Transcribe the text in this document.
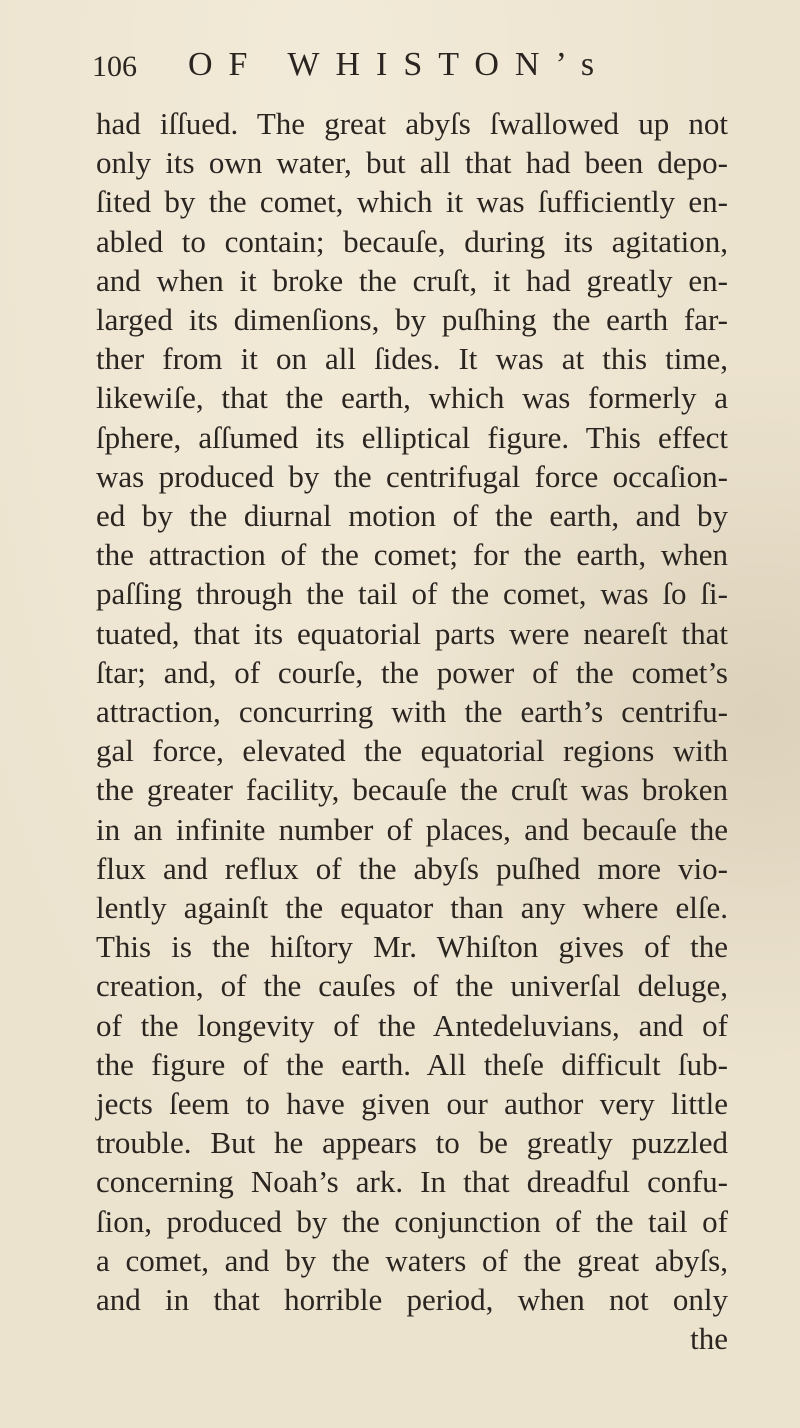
106 OF WHISTON’s
had iſſued. The great abyſs ſwallowed up not
only its own water, but all that had been depo-
ſited by the comet, which it was ſufficiently en-
abled to contain; becauſe, during its agitation,
and when it broke the cruſt, it had greatly en-
larged its dimenſions, by puſhing the earth far-
ther from it on all ſides. It was at this time,
likewiſe, that the earth, which was formerly a
ſphere, aſſumed its elliptical figure. This effect
was produced by the centrifugal force occaſion-
ed by the diurnal motion of the earth, and by
the attraction of the comet; for the earth, when
paſſing through the tail of the comet, was ſo ſi-
tuated, that its equatorial parts were neareſt that
ſtar; and, of courſe, the power of the comet’s
attraction, concurring with the earth’s centrifu-
gal force, elevated the equatorial regions with
the greater facility, becauſe the cruſt was broken
in an infinite number of places, and becauſe the
flux and reflux of the abyſs puſhed more vio-
lently againſt the equator than any where elſe.
This is the hiſtory Mr. Whiſton gives of the
creation, of the cauſes of the univerſal deluge,
of the longevity of the Antedeluvians, and of
the figure of the earth. All theſe difficult ſub-
jects ſeem to have given our author very little
trouble. But he appears to be greatly puzzled
concerning Noah’s ark. In that dreadful confu-
ſion, produced by the conjunction of the tail of
a comet, and by the waters of the great abyſs,
and in that horrible period, when not only
the
